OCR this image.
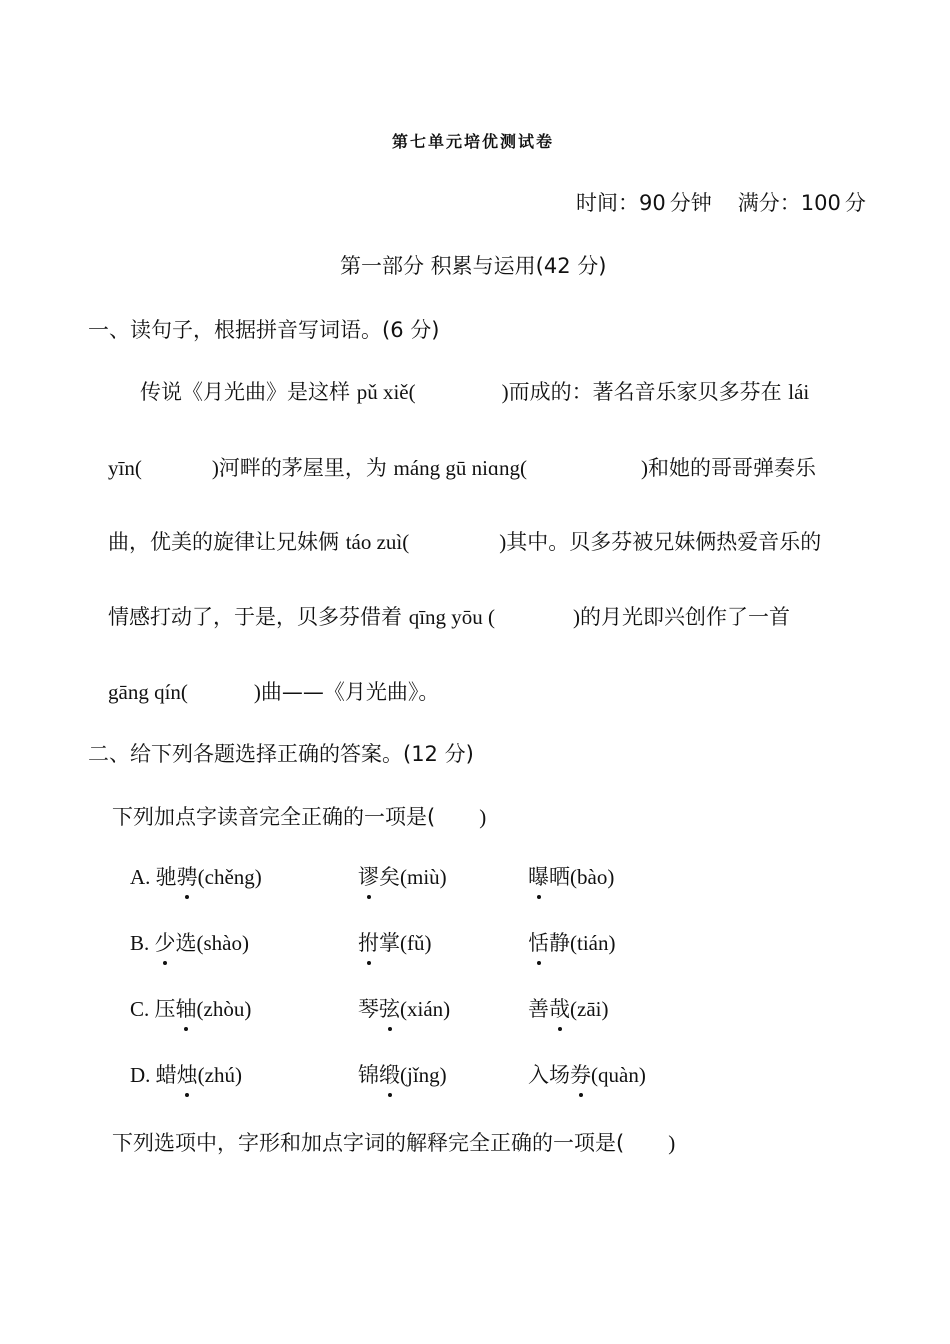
第七单元培优测试卷
时间：90 分钟 满分：100 分
第一部分 积累与运用(42 分)
一、读句子，根据拼音写词语。(6 分)
传说《月光曲》是这样 pǔ xiě(	)而成的：著名音乐家贝多芬在 lái
yīn(	)河畔的茅屋里，为 máng gū niɑng(	)和她的哥哥弹奏乐
曲，优美的旋律让兄妹俩 táo zuì(	)其中。贝多芬被兄妹俩热爱音乐的
情感打动了，于是，贝多芬借着 qīng yōu (	)的月光即兴创作了一首
gāng qín(	)曲——《月光曲》。
二、给下列各题选择正确的答案。(12 分)
下列加点字读音完全正确的一项是( )
A. 驰骋(chěng)	谬矣(miù)	曝晒(bào)
B. 少选(shào)	拊掌(fǔ)	恬静(tián)
C. 压轴(zhòu)	琴弦(xián)	善哉(zāi)
D. 蜡烛(zhú)	锦缎(jǐng)	入场券(quàn)
下列选项中，字形和加点字词的解释完全正确的一项是( )
